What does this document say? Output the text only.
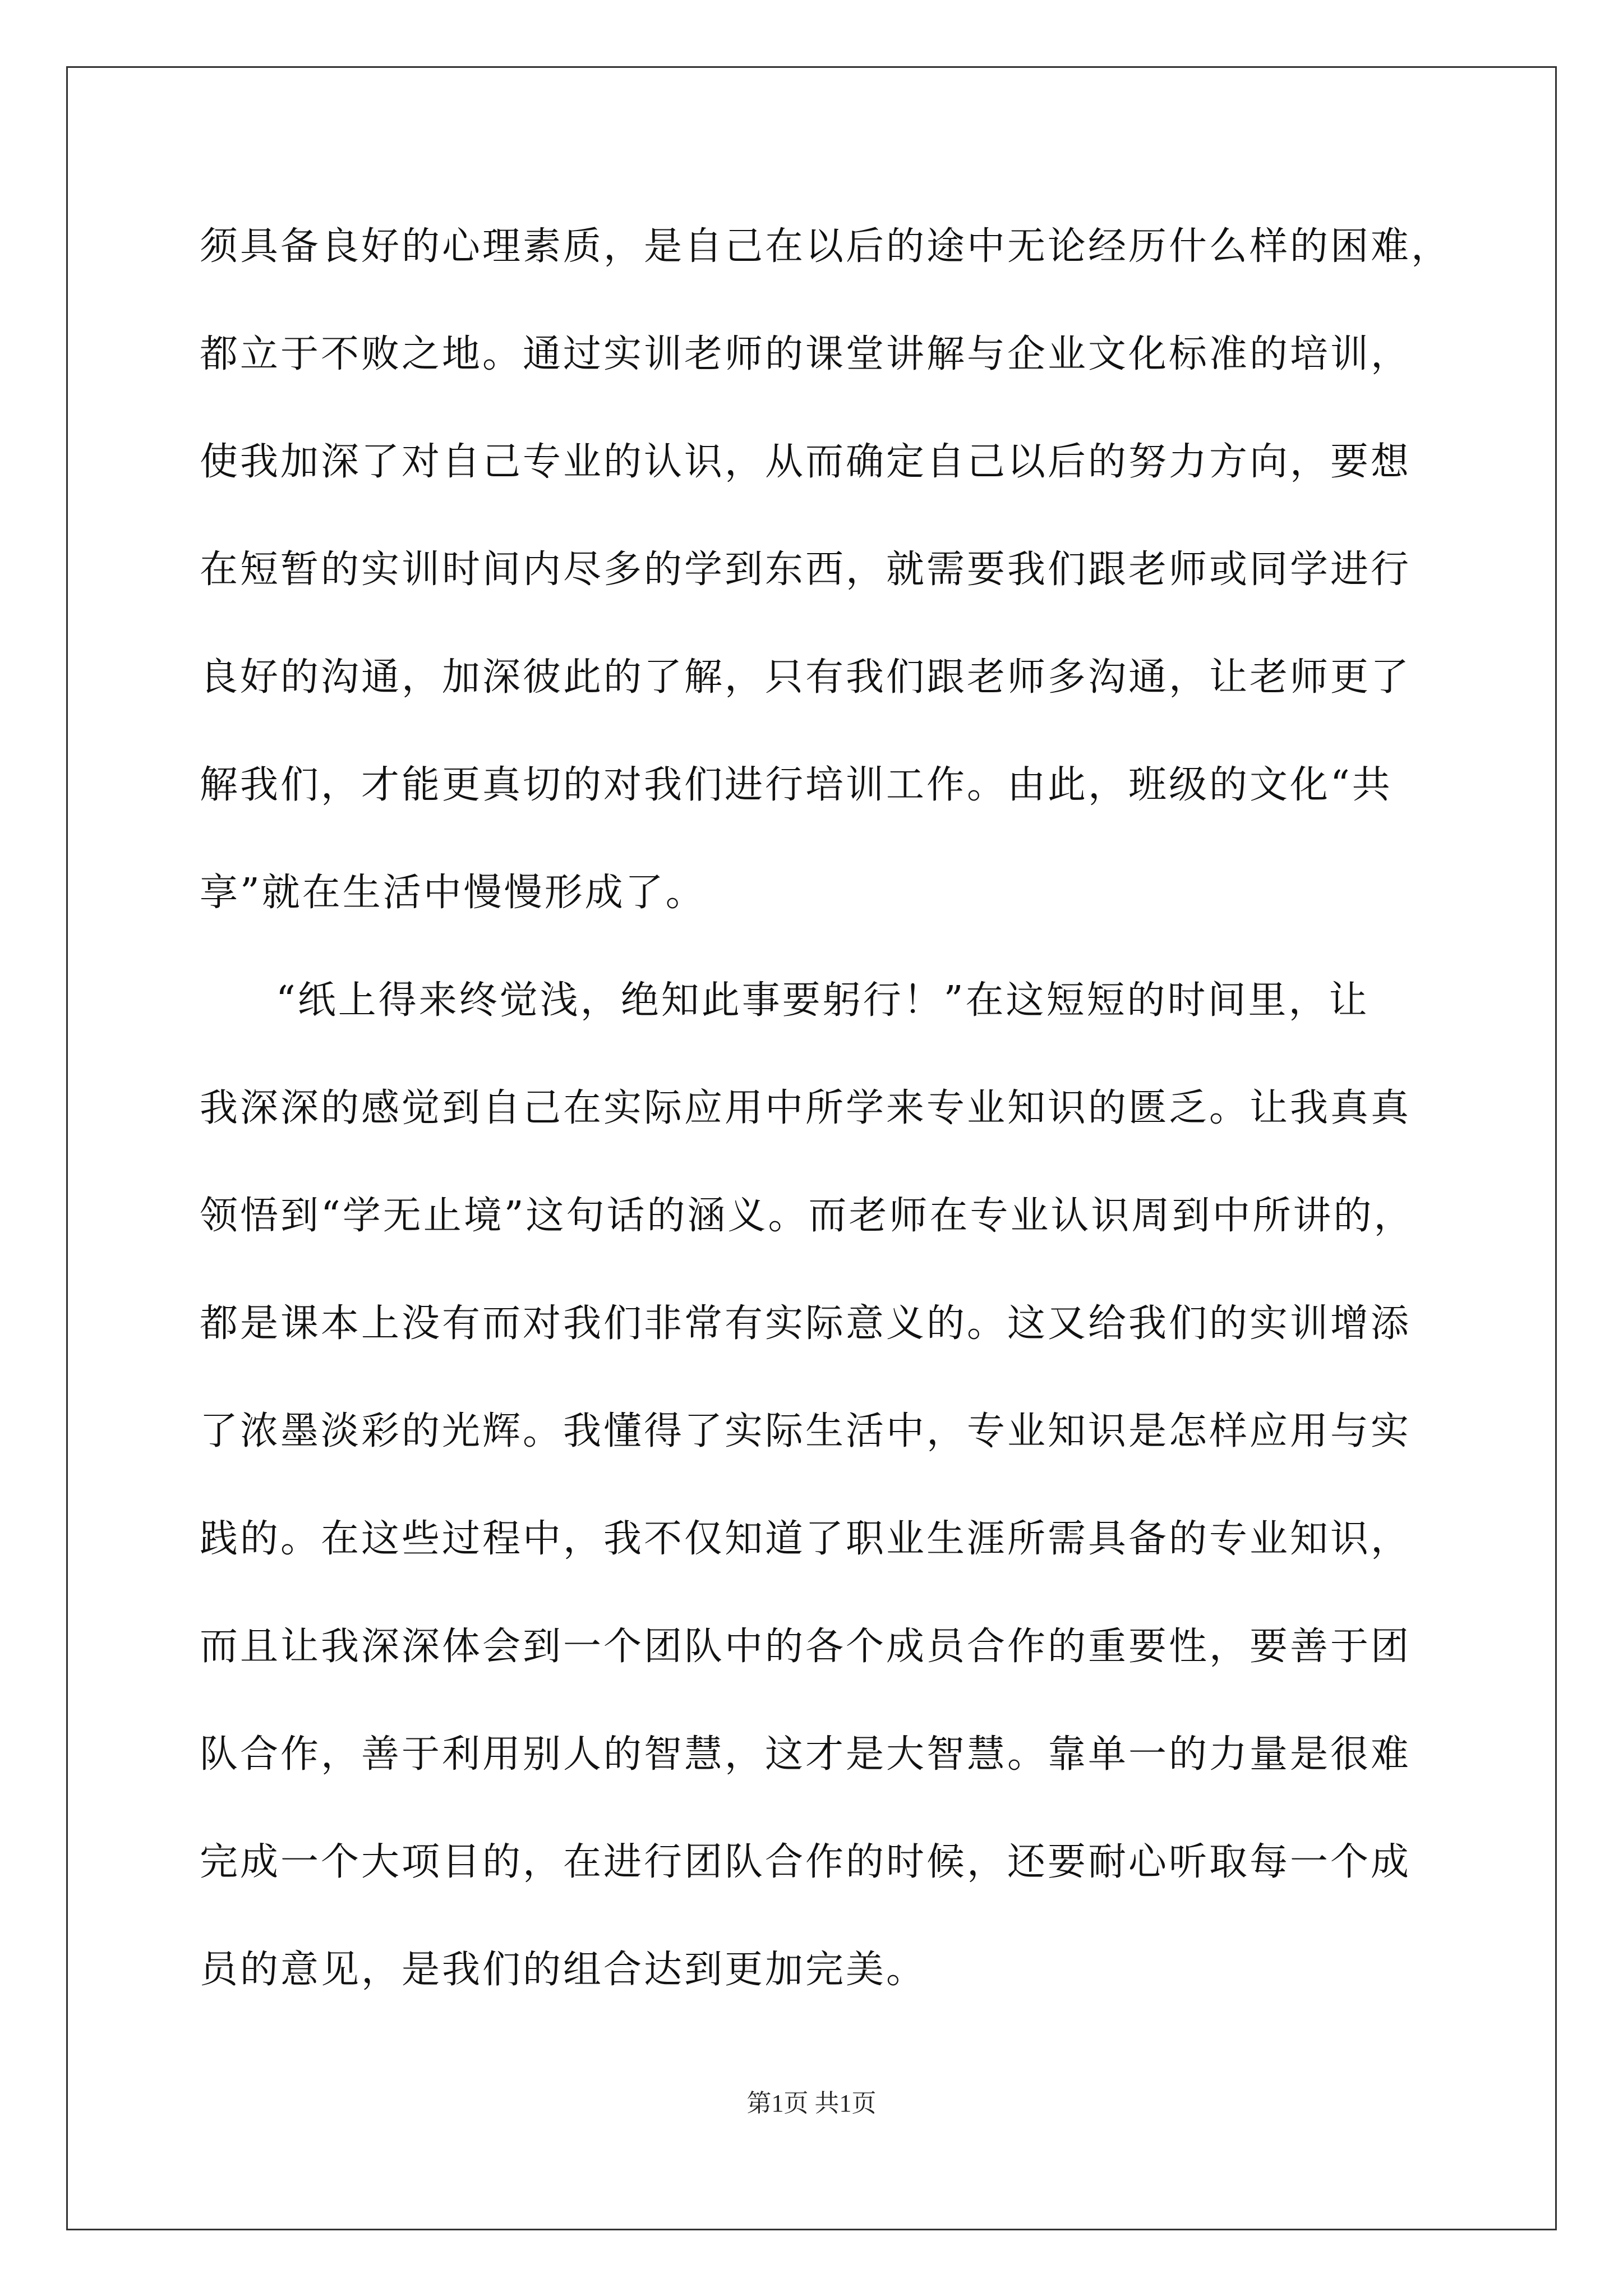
须具备良好的心理素质，是自己在以后的途中无论经历什么样的困难，
都立于不败之地。通过实训老师的课堂讲解与企业文化标准的培训，
使我加深了对自己专业的认识，从而确定自己以后的努力方向，要想
在短暂的实训时间内尽多的学到东西，就需要我们跟老师或同学进行
良好的沟通，加深彼此的了解，只有我们跟老师多沟通，让老师更了
解我们，才能更真切的对我们进行培训工作。由此，班级的文化“共
享”就在生活中慢慢形成了。
“纸上得来终觉浅，绝知此事要躬行！”在这短短的时间里，让
我深深的感觉到自己在实际应用中所学来专业知识的匮乏。让我真真
领悟到“学无止境”这句话的涵义。而老师在专业认识周到中所讲的，
都是课本上没有而对我们非常有实际意义的。这又给我们的实训增添
了浓墨淡彩的光辉。我懂得了实际生活中，专业知识是怎样应用与实
践的。在这些过程中，我不仅知道了职业生涯所需具备的专业知识，
而且让我深深体会到一个团队中的各个成员合作的重要性，要善于团
队合作，善于利用别人的智慧，这才是大智慧。靠单一的力量是很难
完成一个大项目的，在进行团队合作的时候，还要耐心听取每一个成
员的意见，是我们的组合达到更加完美。
第1页 共1页
